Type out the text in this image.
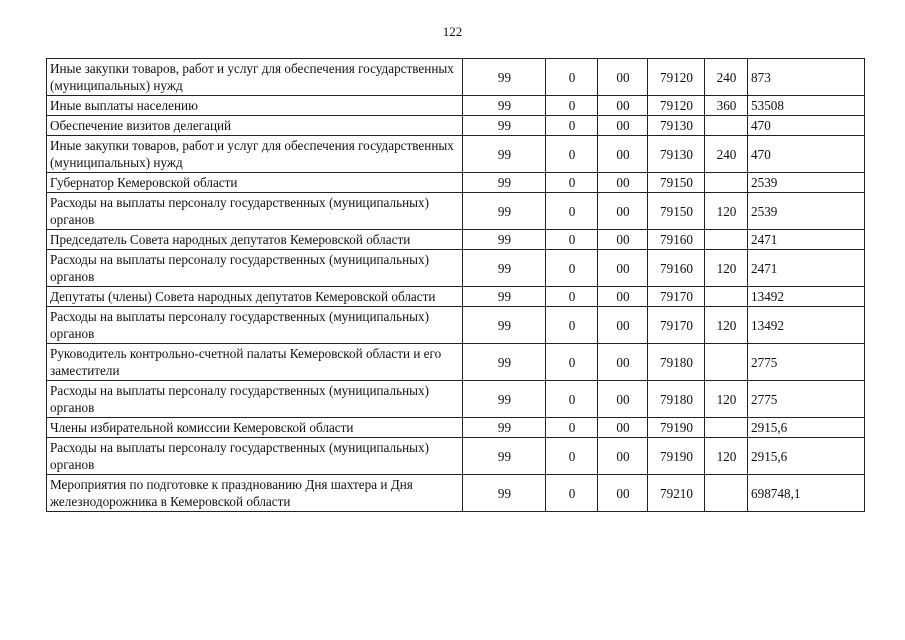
122
Иные закупки товаров, работ и услуг для обеспечения государственных (муниципальных) нужд	99	0	00	79120	240	873
Иные выплаты населению	99	0	00	79120	360	53508
Обеспечение визитов делегаций	99	0	00	79130		470
Иные закупки товаров, работ и услуг для обеспечения государственных (муниципальных) нужд	99	0	00	79130	240	470
Губернатор Кемеровской области	99	0	00	79150		2539
Расходы на выплаты персоналу государственных (муниципальных) органов	99	0	00	79150	120	2539
Председатель Совета народных депутатов Кемеровской области	99	0	00	79160		2471
Расходы на выплаты персоналу государственных (муниципальных) органов	99	0	00	79160	120	2471
Депутаты (члены) Совета народных депутатов Кемеровской области	99	0	00	79170		13492
Расходы на выплаты персоналу государственных (муниципальных) органов	99	0	00	79170	120	13492
Руководитель контрольно-счетной палаты Кемеровской области и его заместители	99	0	00	79180		2775
Расходы на выплаты персоналу государственных (муниципальных) органов	99	0	00	79180	120	2775
Члены избирательной комиссии Кемеровской области	99	0	00	79190		2915,6
Расходы на выплаты персоналу государственных (муниципальных) органов	99	0	00	79190	120	2915,6
Мероприятия по подготовке к празднованию Дня шахтера и Дня железнодорожника в Кемеровской области	99	0	00	79210		698748,1
